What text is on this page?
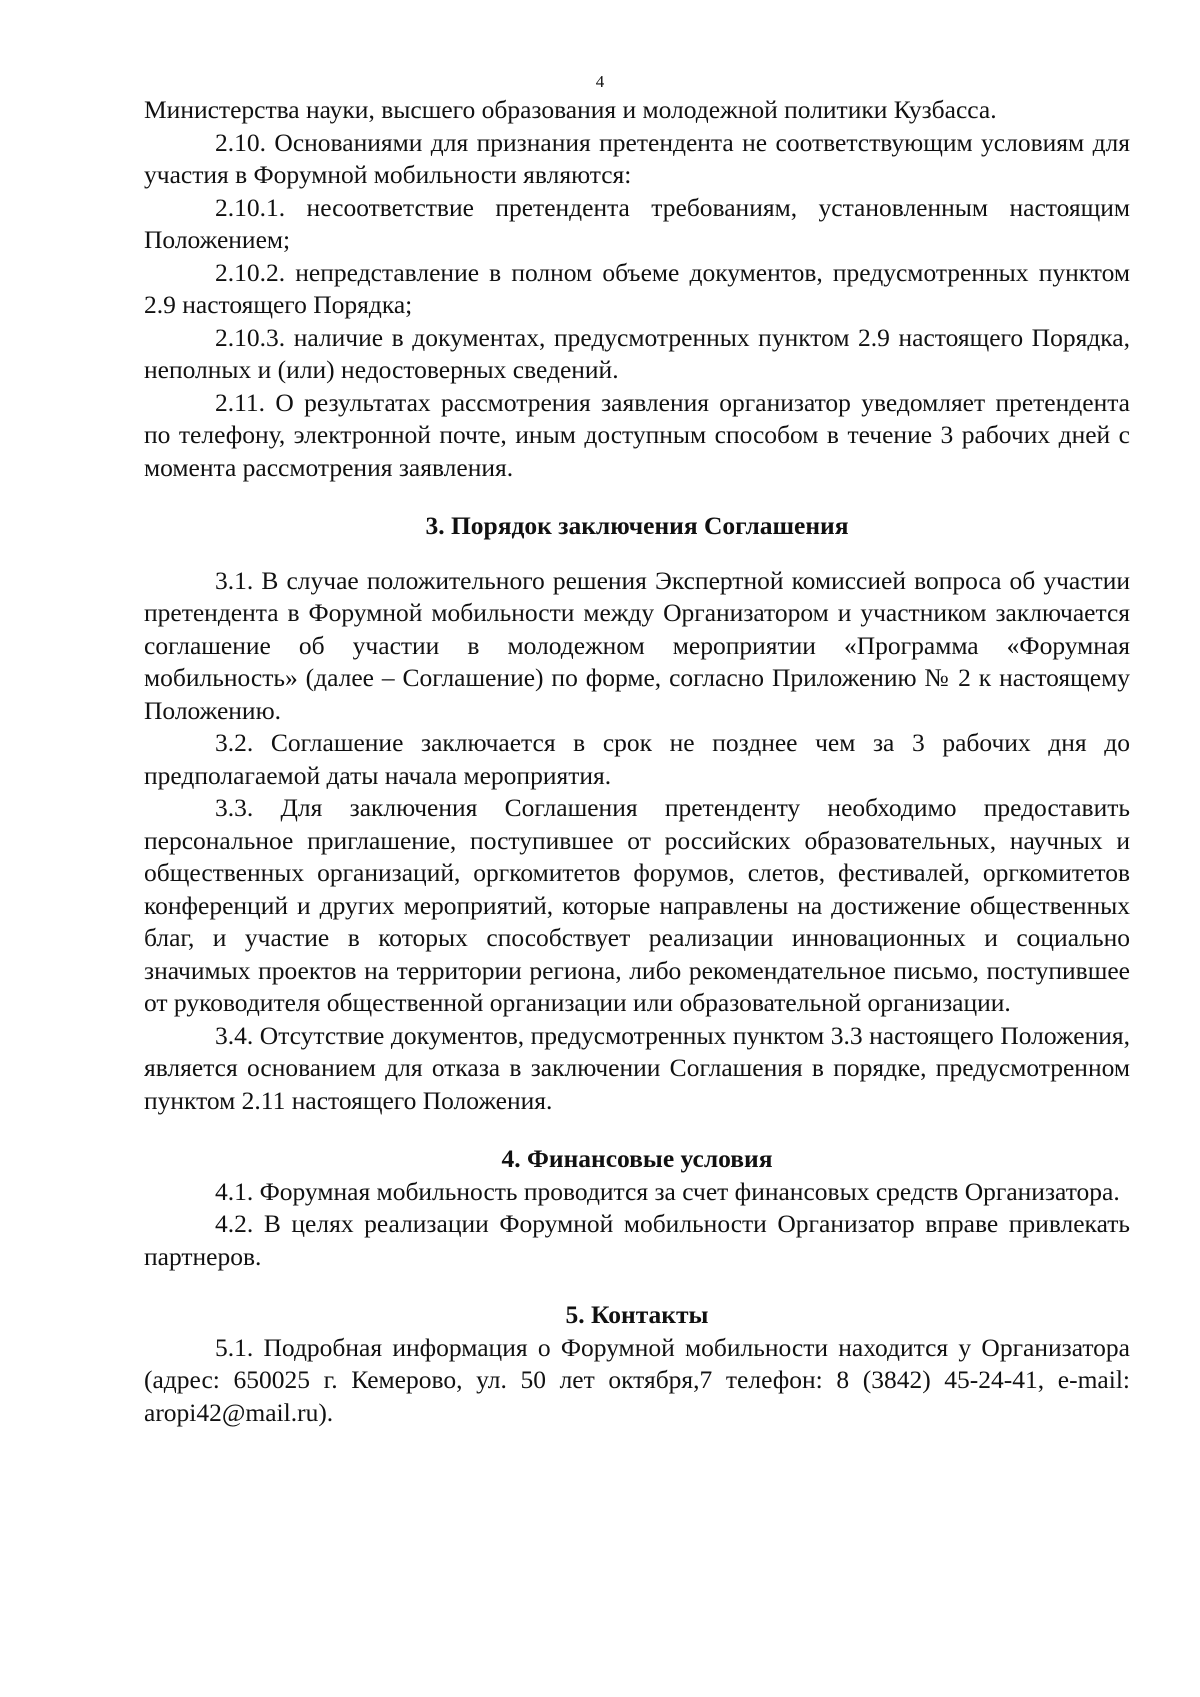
4

Министерства науки, высшего образования и молодежной политики Кузбасса.

2.10. Основаниями для признания претендента не соответствующим условиям для участия в Форумной мобильности являются:

2.10.1. несоответствие претендента требованиям, установленным настоящим Положением;

2.10.2. непредставление в полном объеме документов, предусмотренных пунктом 2.9 настоящего Порядка;

2.10.3. наличие в документах, предусмотренных пунктом 2.9 настоящего Порядка, неполных и (или) недостоверных сведений.

2.11. О результатах рассмотрения заявления организатор уведомляет претендента по телефону, электронной почте, иным доступным способом в течение 3 рабочих дней с момента рассмотрения заявления.

3. Порядок заключения Соглашения

3.1. В случае положительного решения Экспертной комиссией вопроса об участии претендента в Форумной мобильности между Организатором и участником заключается соглашение об участии в молодежном мероприятии «Программа «Форумная мобильность» (далее – Соглашение) по форме, согласно Приложению № 2 к настоящему Положению.

3.2. Соглашение заключается в срок не позднее чем за 3 рабочих дня до предполагаемой даты начала мероприятия.

3.3. Для заключения Соглашения претенденту необходимо предоставить персональное приглашение, поступившее от российских образовательных, научных и общественных организаций, оргкомитетов форумов, слетов, фестивалей, оргкомитетов конференций и других мероприятий, которые направлены на достижение общественных благ, и участие в которых способствует реализации инновационных и социально значимых проектов на территории региона, либо рекомендательное письмо, поступившее от руководителя общественной организации или образовательной организации.

3.4. Отсутствие документов, предусмотренных пунктом 3.3 настоящего Положения, является основанием для отказа в заключении Соглашения в порядке, предусмотренном пунктом 2.11 настоящего Положения.

4. Финансовые условия

4.1. Форумная мобильность проводится за счет финансовых средств Организатора.

4.2. В целях реализации Форумной мобильности Организатор вправе привлекать партнеров.

5. Контакты

5.1. Подробная информация о Форумной мобильности находится у Организатора (адрес: 650025 г. Кемерово, ул. 50 лет октября,7 телефон: 8 (3842) 45-24-41, e-mail: aropi42@mail.ru).
